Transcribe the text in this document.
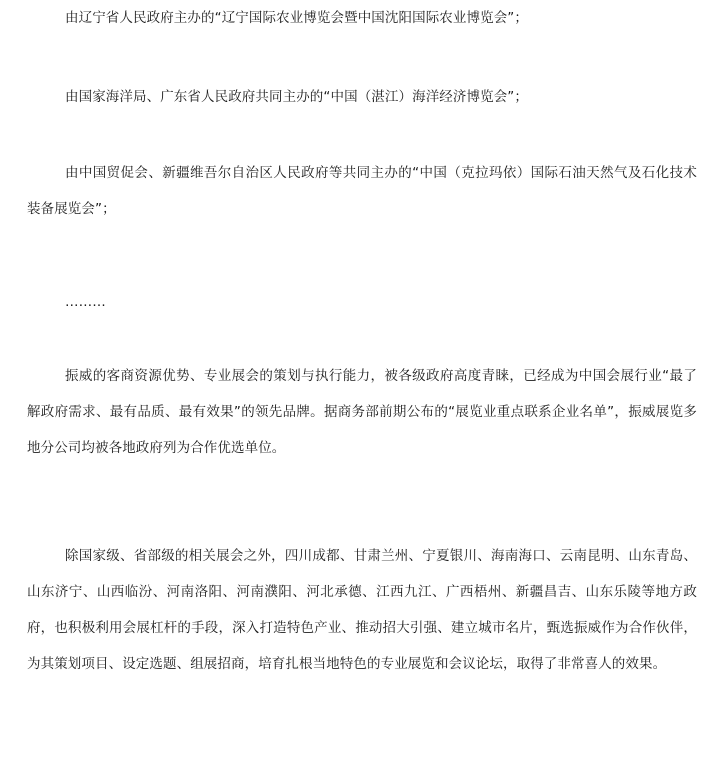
由辽宁省人民政府主办的“辽宁国际农业博览会暨中国沈阳国际农业博览会”；

由国家海洋局、广东省人民政府共同主办的“中国（湛江）海洋经济博览会”；

由中国贸促会、新疆维吾尔自治区人民政府等共同主办的“中国（克拉玛依）国际石油天然气及石化技术装备展览会”；

………

振威的客商资源优势、专业展会的策划与执行能力，被各级政府高度青睐，已经成为中国会展行业“最了解政府需求、最有品质、最有效果”的领先品牌。据商务部前期公布的“展览业重点联系企业名单”，振威展览多地分公司均被各地政府列为合作优选单位。

除国家级、省部级的相关展会之外，四川成都、甘肃兰州、宁夏银川、海南海口、云南昆明、山东青岛、山东济宁、山西临汾、河南洛阳、河南濮阳、河北承德、江西九江、广西梧州、新疆昌吉、山东乐陵等地方政府，也积极利用会展杠杆的手段，深入打造特色产业、推动招大引强、建立城市名片，甄选振威作为合作伙伴，为其策划项目、设定选题、组展招商，培育扎根当地特色的专业展览和会议论坛，取得了非常喜人的效果。
